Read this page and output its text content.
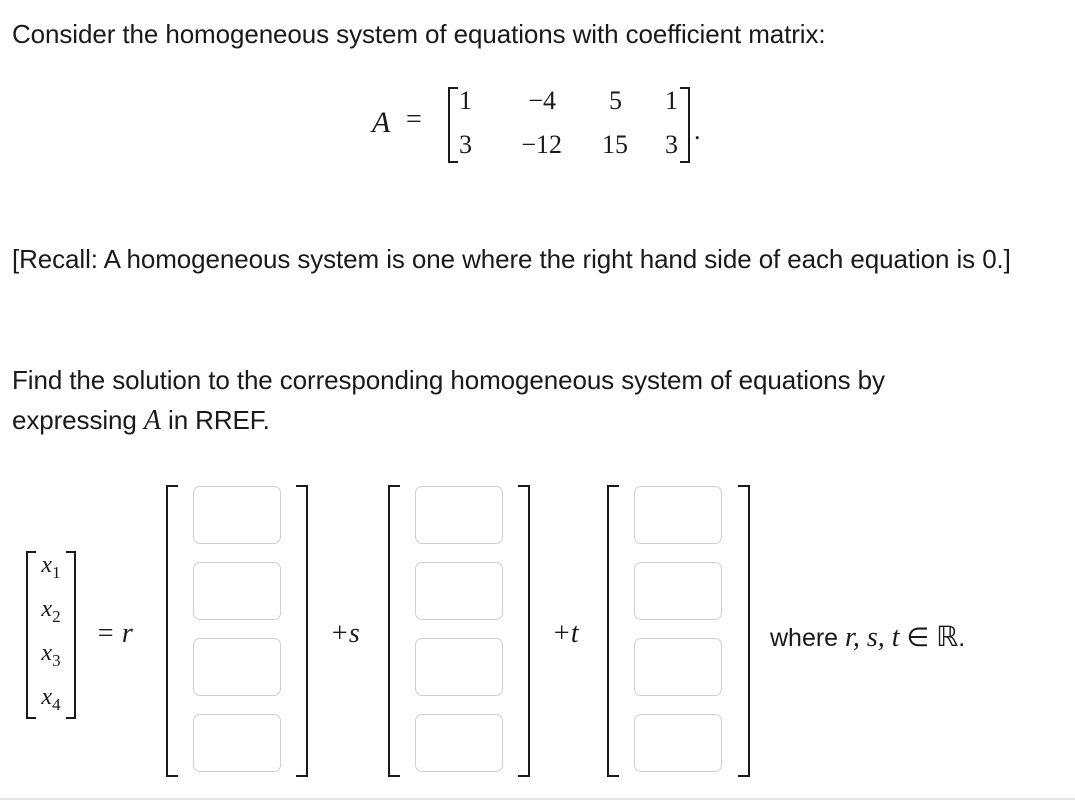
Consider the homogeneous system of equations with coefficient matrix:
A =
1	−4	5	1
3	−12	15	3 .
[Recall: A homogeneous system is one where the right hand side of each equation is 0.]
Find the solution to the corresponding homogeneous system of equations by expressing A in RREF.
$x_1$
$x_2$
$x_3$
$x_4$
= r	+s	+t	where r, s, t ∈ ℝ.
